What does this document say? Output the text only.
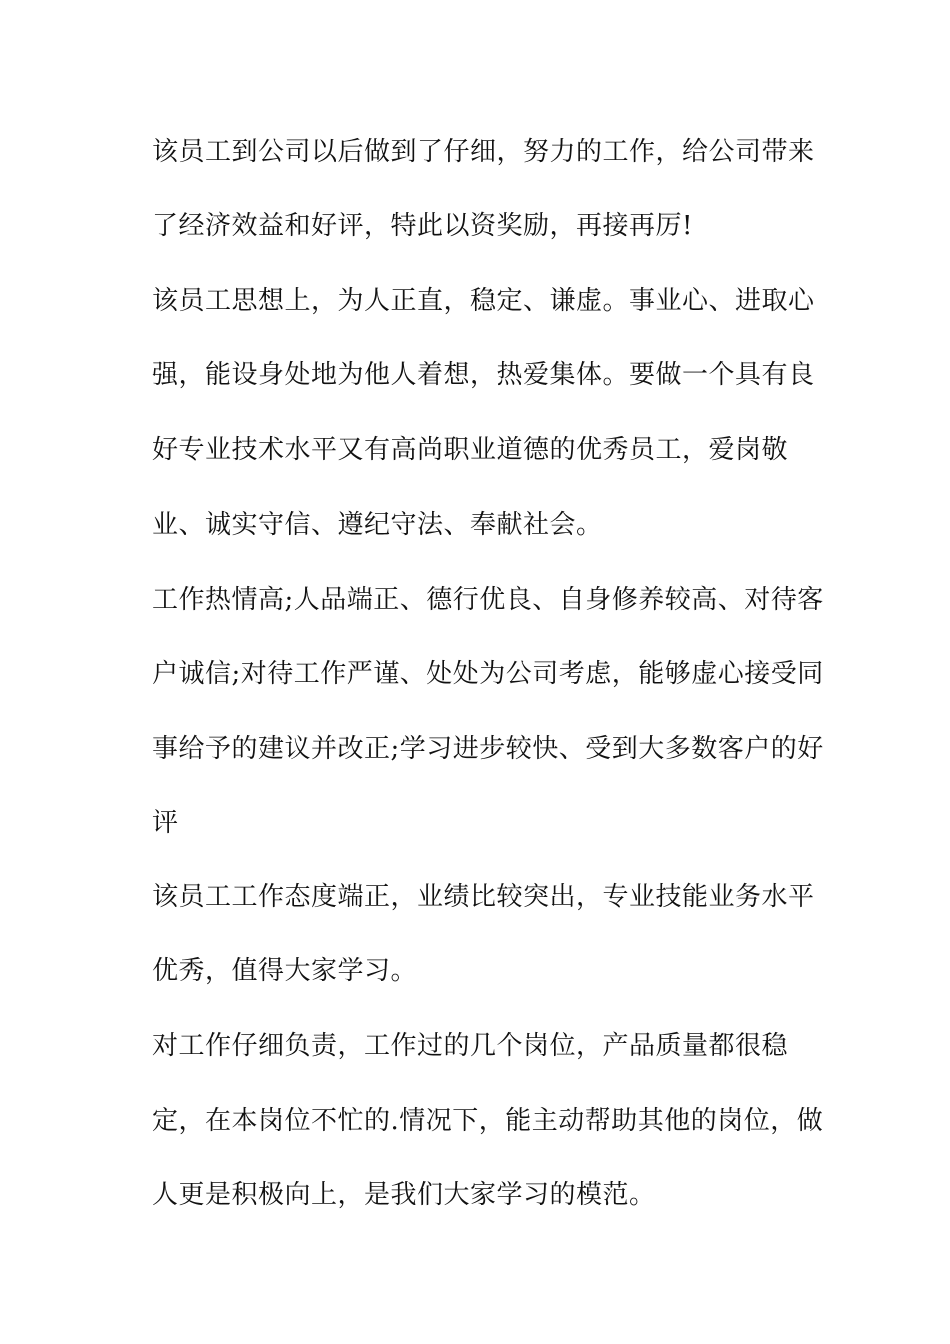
该员工到公司以后做到了仔细，努力的工作，给公司带来
了经济效益和好评，特此以资奖励，再接再厉!
该员工思想上，为人正直，稳定、谦虚。事业心、进取心
强，能设身处地为他人着想，热爱集体。要做一个具有良
好专业技术水平又有高尚职业道德的优秀员工，爱岗敬
业、诚实守信、遵纪守法、奉献社会。
工作热情高;人品端正、德行优良、自身修养较高、对待客
户诚信;对待工作严谨、处处为公司考虑，能够虚心接受同
事给予的建议并改正;学习进步较快、受到大多数客户的好
评
该员工工作态度端正，业绩比较突出，专业技能业务水平
优秀，值得大家学习。
对工作仔细负责，工作过的几个岗位，产品质量都很稳
定，在本岗位不忙的.情况下，能主动帮助其他的岗位，做
人更是积极向上，是我们大家学习的模范。
